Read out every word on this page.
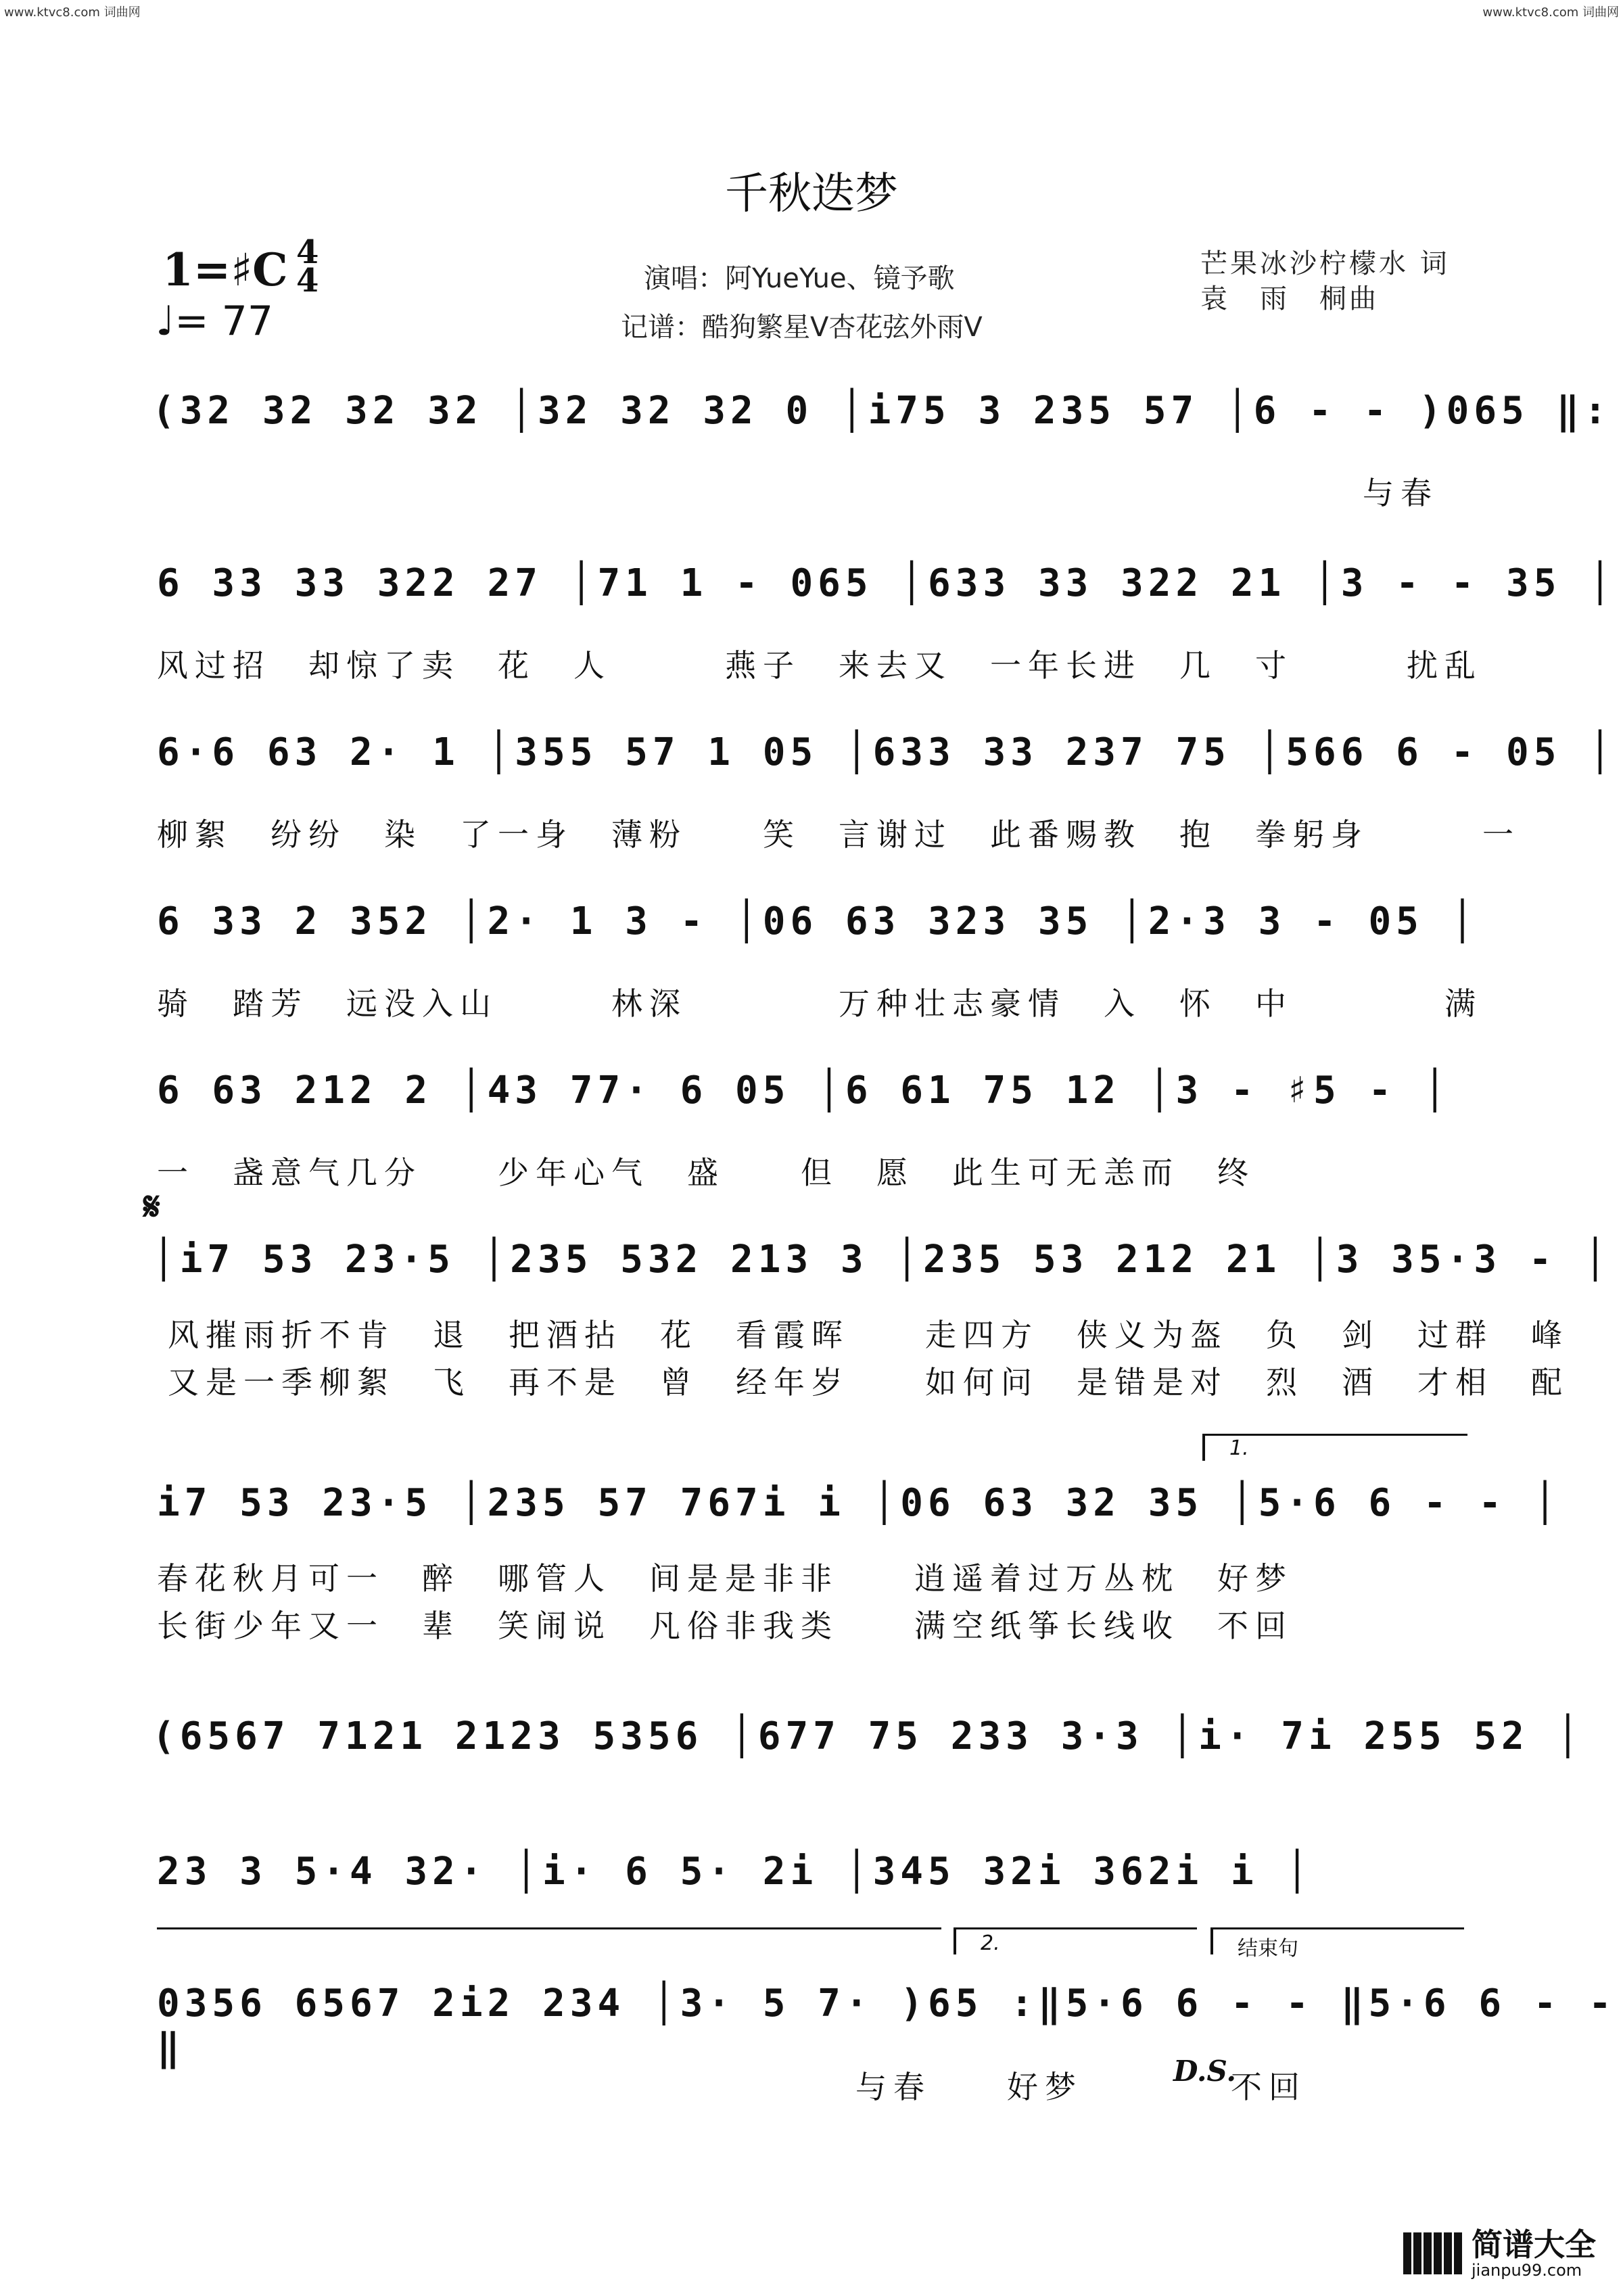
www.ktvc8.com 词曲网	www.ktvc8.com 词曲网
千秋迭梦
1=♯C 4
4
♩= 77
演唱：阿YueYue、镜予歌
记谱：酷狗繁星V杏花弦外雨V
芒果冰沙柠檬水 词
袁　雨　桐曲
(32 32 32 32 │32 32 32 0 │i75 3 235 57 │6 - - )065 ‖:
与春
6 33 33 322 27 │71 1 - 065 │633 33 322 21 │3 - - 35 │
风过招　却惊了卖　花　人　　　燕子　来去又　一年长进　几　寸　　　扰乱
6·6 63 2· 1 │355 57 1 05 │633 33 237 75 │566 6 - 05 │
柳絮　纷纷　染　了一身　薄粉　　笑　言谢过　此番赐教　抱　拳躬身　　　一
6 33 2 352 │2· 1 3 - │06 63 323 35 │2·3 3 - 05 │
骑　踏芳　远没入山　　　林深　　　　万种壮志豪情　入　怀　中　　　　满
6 63 212 2 │43 77· 6 05 │6 61 75 12 │3 - ♯5 - │
一　盏意气几分　　少年心气　盛　　但　愿　此生可无恙而　终
𝄋
│i7 53 23·5 │235 532 213 3 │235 53 212 21 │3 35·3 - │
风摧雨折不肯　退　把酒拈　花　看霞晖　　走四方　侠义为盔　负　剑　过群　峰
又是一季柳絮　飞　再不是　曾　经年岁　　如何问　是错是对　烈　酒　才相　配
1.
i7 53 23·5 │235 57 767i i │06 63 32 35 │5·6 6 - - │
春花秋月可一　醉　哪管人　间是是非非　　逍遥着过万丛枕　好梦
长街少年又一　辈　笑闹说　凡俗非我类　　满空纸筝长线收　不回
(6567 7121 2123 5356 │677 75 233 3·3 │i· 7i 255 52 │
23 3 5·4 32· │i· 6 5· 2i │345 32i 362i i │
2.	结束句
0356 6567 2i2 234 │3· 5 7· )65 :‖5·6 6 - - ‖5·6 6 - - ‖
与春　　好梦	D.S.
不回
简谱大全
jianpu99.com
